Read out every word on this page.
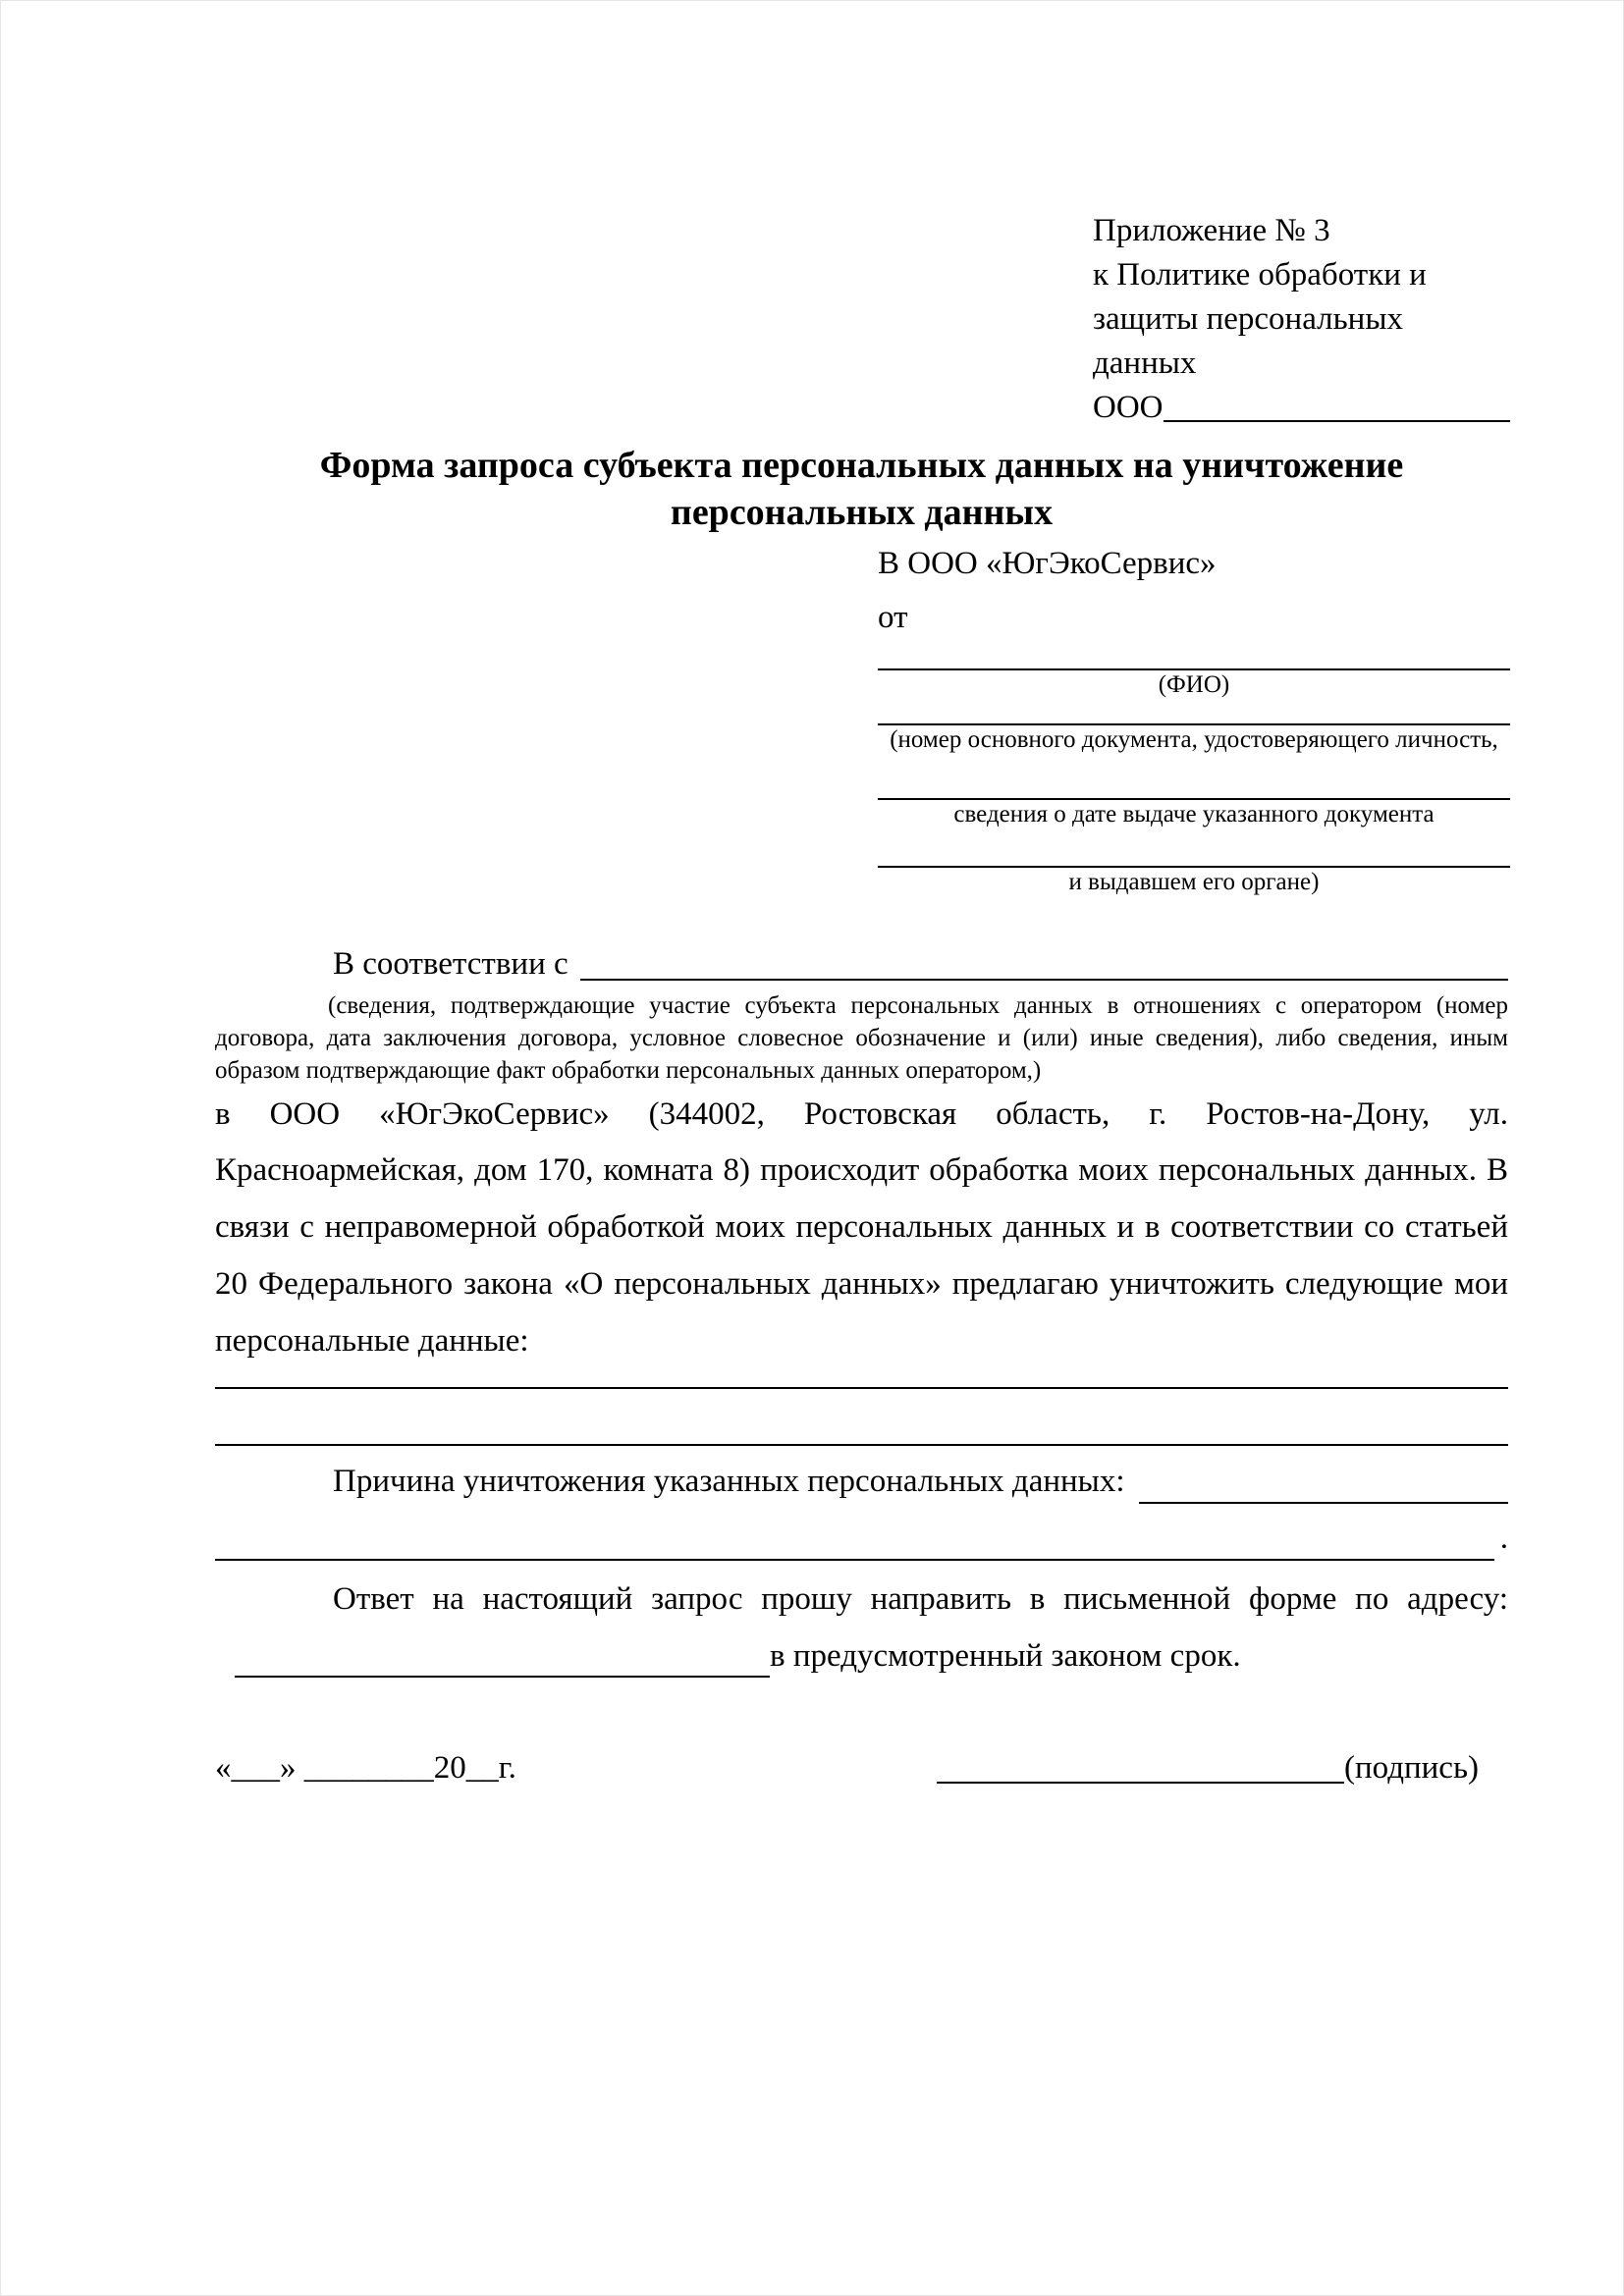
Приложение № 3
к Политике обработки и
защиты персональных данных
ООО
Форма запроса субъекта персональных данных на уничтожение персональных данных
В ООО «ЮгЭкоСервис»
от
(ФИО)
(номер основного документа, удостоверяющего личность,
сведения о дате выдаче указанного документа
и выдавшем его органе)
В соответствии с
(сведения, подтверждающие участие субъекта персональных данных в отношениях с оператором (номер договора, дата заключения договора, условное словесное обозначение и (или) иные сведения), либо сведения, иным образом подтверждающие факт обработки персональных данных оператором,)
в ООО «ЮгЭкоСервис» (344002, Ростовская область, г. Ростов-на-Дону, ул. Красноармейская, дом 170, комната 8) происходит обработка моих персональных данных. В связи с неправомерной обработкой моих персональных данных и в соответствии со статьей 20 Федерального закона «О персональных данных» предлагаю уничтожить следующие мои персональные данные:
Причина уничтожения указанных персональных данных:
.
Ответ на настоящий запрос прошу направить в письменной форме по адресу:
в предусмотренный законом срок.
«___» ________20__г.	(подпись)
